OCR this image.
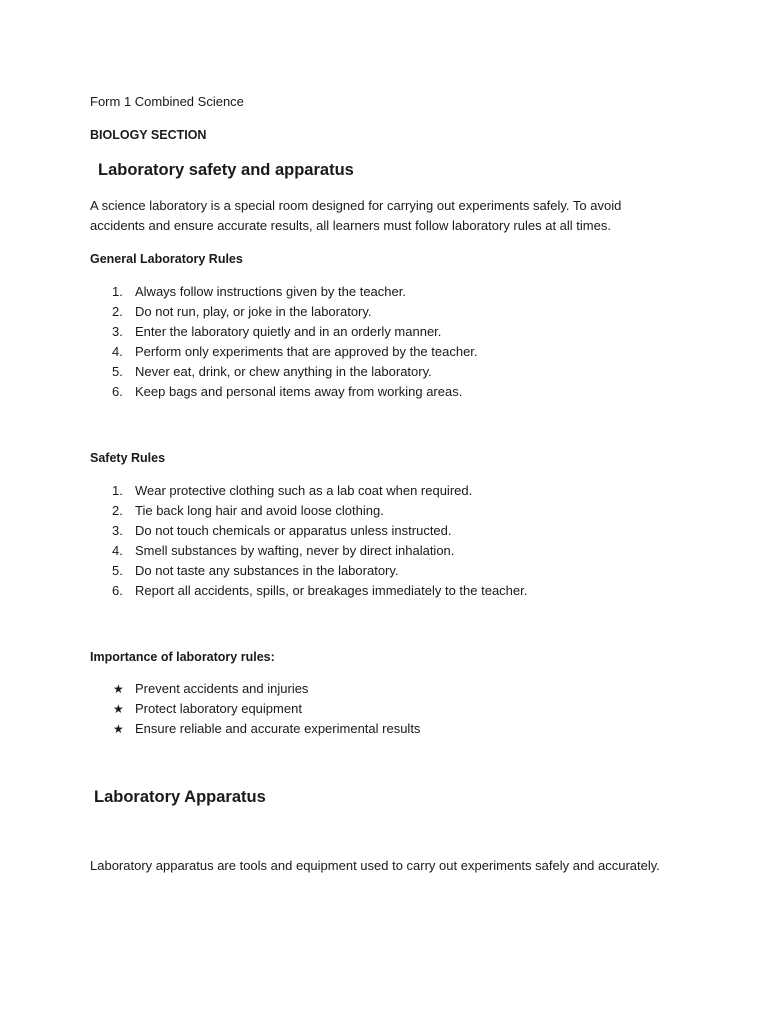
Form 1 Combined Science
BIOLOGY SECTION
Laboratory safety and apparatus
A science laboratory is a special room designed for carrying out experiments safely. To avoid accidents and ensure accurate results, all learners must follow laboratory rules at all times.
General Laboratory Rules
1. Always follow instructions given by the teacher.
2. Do not run, play, or joke in the laboratory.
3. Enter the laboratory quietly and in an orderly manner.
4. Perform only experiments that are approved by the teacher.
5. Never eat, drink, or chew anything in the laboratory.
6. Keep bags and personal items away from working areas.
Safety Rules
1. Wear protective clothing such as a lab coat when required.
2. Tie back long hair and avoid loose clothing.
3. Do not touch chemicals or apparatus unless instructed.
4. Smell substances by wafting, never by direct inhalation.
5. Do not taste any substances in the laboratory.
6. Report all accidents, spills, or breakages immediately to the teacher.
Importance of laboratory rules:
★ Prevent accidents and injuries
★ Protect laboratory equipment
★ Ensure reliable and accurate experimental results
Laboratory Apparatus
Laboratory apparatus are tools and equipment used to carry out experiments safely and accurately.
